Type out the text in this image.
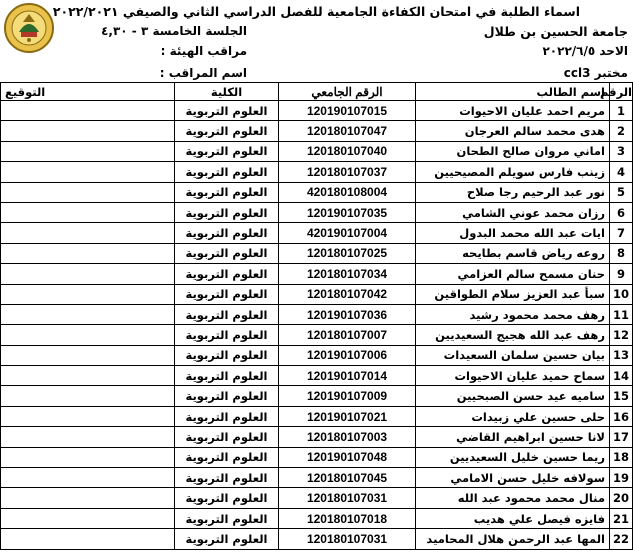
اسماء الطلبة في امتحان الكفاءة الجامعية للفصل الدراسي الثاني والصيفي ٢٠٢٢/٢٠٢١
جامعة الحسين بن طلال
الجلسة الخامسة ٣ - ٤,٣٠
الاحد ٢٠٢٢/٦/٥
مراقب الهيئة :
مختبر ccl3
اسم المراقب :
الرقم	إسم الطالب	الرقم الجامعي	الكلية	التوقيع
1	مريم احمد عليان الاحيوات	120190107015	العلوم التربوية	
2	هدى محمد سالم العرجان	120180107047	العلوم التربوية	
3	اماني مروان صالح الطحان	120180107040	العلوم التربوية	
4	زينب فارس سويلم المصيحيين	120180107037	العلوم التربوية	
5	نور عبد الرحيم رجا صلاح	420180108004	العلوم التربوية	
6	رزان محمد عوني الشامي	120190107035	العلوم التربوية	
7	ايات عبد الله محمد البدول	420190107004	العلوم التربوية	
8	روعه رياض قاسم بطايحه	120180107025	العلوم التربوية	
9	حنان مسمح سالم العزامي	120180107034	العلوم التربوية	
10	سبأ عبد العزيز سلام الطواقين	120180107042	العلوم التربوية	
11	رهف محمد محمود رشيد	120190107036	العلوم التربوية	
12	رهف عبد الله هجيج السعيديين	120180107007	العلوم التربوية	
13	بيان حسين سلمان السعيدات	120190107006	العلوم التربوية	
14	سماح حميد عليان الاحيوات	120190107014	العلوم التربوية	
15	ساميه عيد حسن الصبحيين	120190107009	العلوم التربوية	
16	حلى حسين علي زبيدات	120190107021	العلوم التربوية	
17	لانا حسين ابراهيم القاضي	120180107003	العلوم التربوية	
18	ريما حسين خليل السعيديين	120190107048	العلوم التربوية	
19	سولافه خليل حسن الامامي	120180107045	العلوم التربوية	
20	منال محمد محمود عبد الله	120180107031	العلوم التربوية	
21	فايزه فيصل علي هديب	120180107018	العلوم التربوية	
22	المها عبد الرحمن هلال المحاميد	120180107031	العلوم التربوية	
